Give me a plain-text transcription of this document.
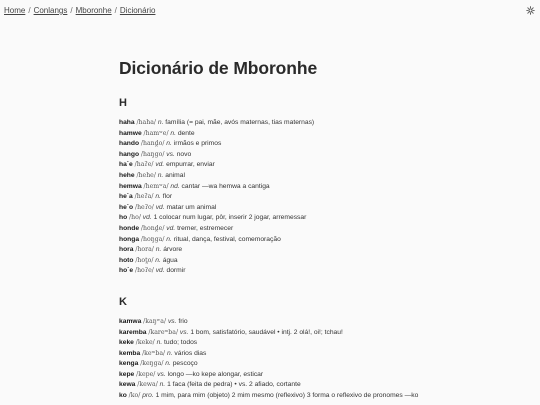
Home / Conlangs / Mboronhe / Dicionário
Dicionário de Mboronhe
H

haha /haha/ n. família (= pai, mãe, avós maternas, tias maternas)

hamwe /hamʷe/ n. dente

hando /hand̪o/ n. irmãos e primos

hango /haŋgo/ vs. novo

ha`e /haʔe/ vd. empurrar, enviar

hehe /hehe/ n. animal

hemwa /hemʷa/ nd. cantar —wa hemwa a cantiga

he`a /heʔa/ n. flor

he`o /heʔo/ vd. matar um animal

ho /ho/ vd. 1 colocar num lugar, pôr, inserir 2 jogar, arremessar

honde /hond̪e/ vd. tremer, estremecer

honga /hoŋga/ n. ritual, dança, festival, comemoração

hora /hora/ n. árvore

hoto /hot̪o/ n. água

ho`e /hoʔe/ vd. dormir

K

kamwa /kaŋʷa/ vs. frio

karemba /kareᵐba/ vs. 1 bom, satisfatório, saudável • intj. 2 olá!, oi!; tchau!

keke /keke/ n. tudo; todos

kemba /keᵐba/ n. vários dias

kenga /keŋga/ n. pescoço

kepe /kepe/ vs. longo —ko kepe alongar, esticar

kewa /kewa/ n. 1 faca (feita de pedra) • vs. 2 afiado, cortante

ko /ko/ pro. 1 mim, para mim (objeto) 2 mim mesmo (reflexivo) 3 forma o reflexivo de pronomes —ko
